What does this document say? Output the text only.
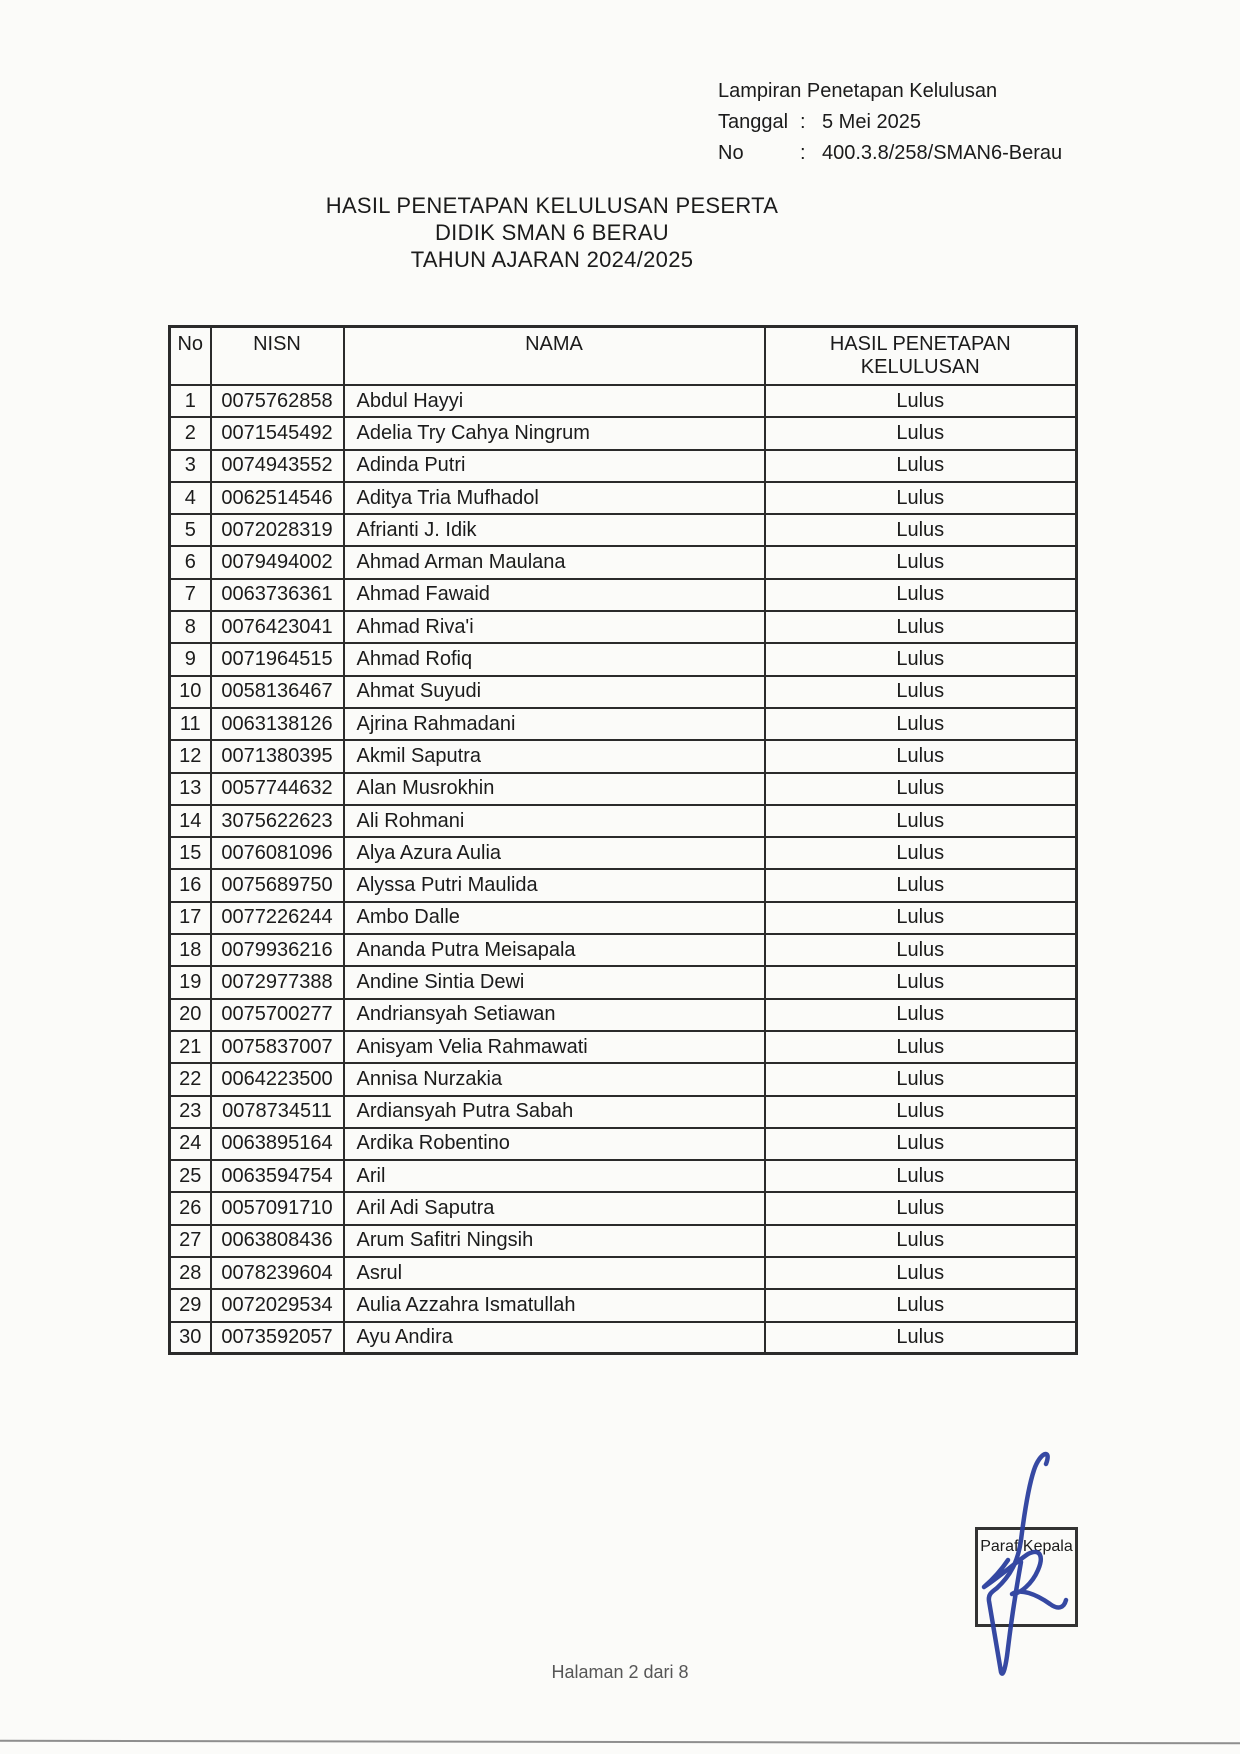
Lampiran Penetapan Kelulusan
Tanggal : 5 Mei 2025
No	: 400.3.8/258/SMAN6-Berau
HASIL PENETAPAN KELULUSAN PESERTA
DIDIK SMAN 6 BERAU
TAHUN AJARAN 2024/2025
No	NISN	NAMA	HASIL PENETAPAN
KELULUSAN

1	0075762858	Abdul Hayyi	Lulus
2	0071545492	Adelia Try Cahya Ningrum	Lulus
3	0074943552	Adinda Putri	Lulus
4	0062514546	Aditya Tria Mufhadol	Lulus
5	0072028319	Afrianti J. Idik	Lulus
6	0079494002	Ahmad Arman Maulana	Lulus
7	0063736361	Ahmad Fawaid	Lulus
8	0076423041	Ahmad Riva'i	Lulus
9	0071964515	Ahmad Rofiq	Lulus
10	0058136467	Ahmat Suyudi	Lulus
11	0063138126	Ajrina Rahmadani	Lulus
12	0071380395	Akmil Saputra	Lulus
13	0057744632	Alan Musrokhin	Lulus
14	3075622623	Ali Rohmani	Lulus
15	0076081096	Alya Azura Aulia	Lulus
16	0075689750	Alyssa Putri Maulida	Lulus
17	0077226244	Ambo Dalle	Lulus
18	0079936216	Ananda Putra Meisapala	Lulus
19	0072977388	Andine Sintia Dewi	Lulus
20	0075700277	Andriansyah Setiawan	Lulus
21	0075837007	Anisyam Velia Rahmawati	Lulus
22	0064223500	Annisa Nurzakia	Lulus
23	0078734511	Ardiansyah Putra Sabah	Lulus
24	0063895164	Ardika Robentino	Lulus
25	0063594754	Aril	Lulus
26	0057091710	Aril Adi Saputra	Lulus
27	0063808436	Arum Safitri Ningsih	Lulus
28	0078239604	Asrul	Lulus
29	0072029534	Aulia Azzahra Ismatullah	Lulus
30	0073592057	Ayu Andira	Lulus
Paraf Kepala
Halaman 2 dari 8
